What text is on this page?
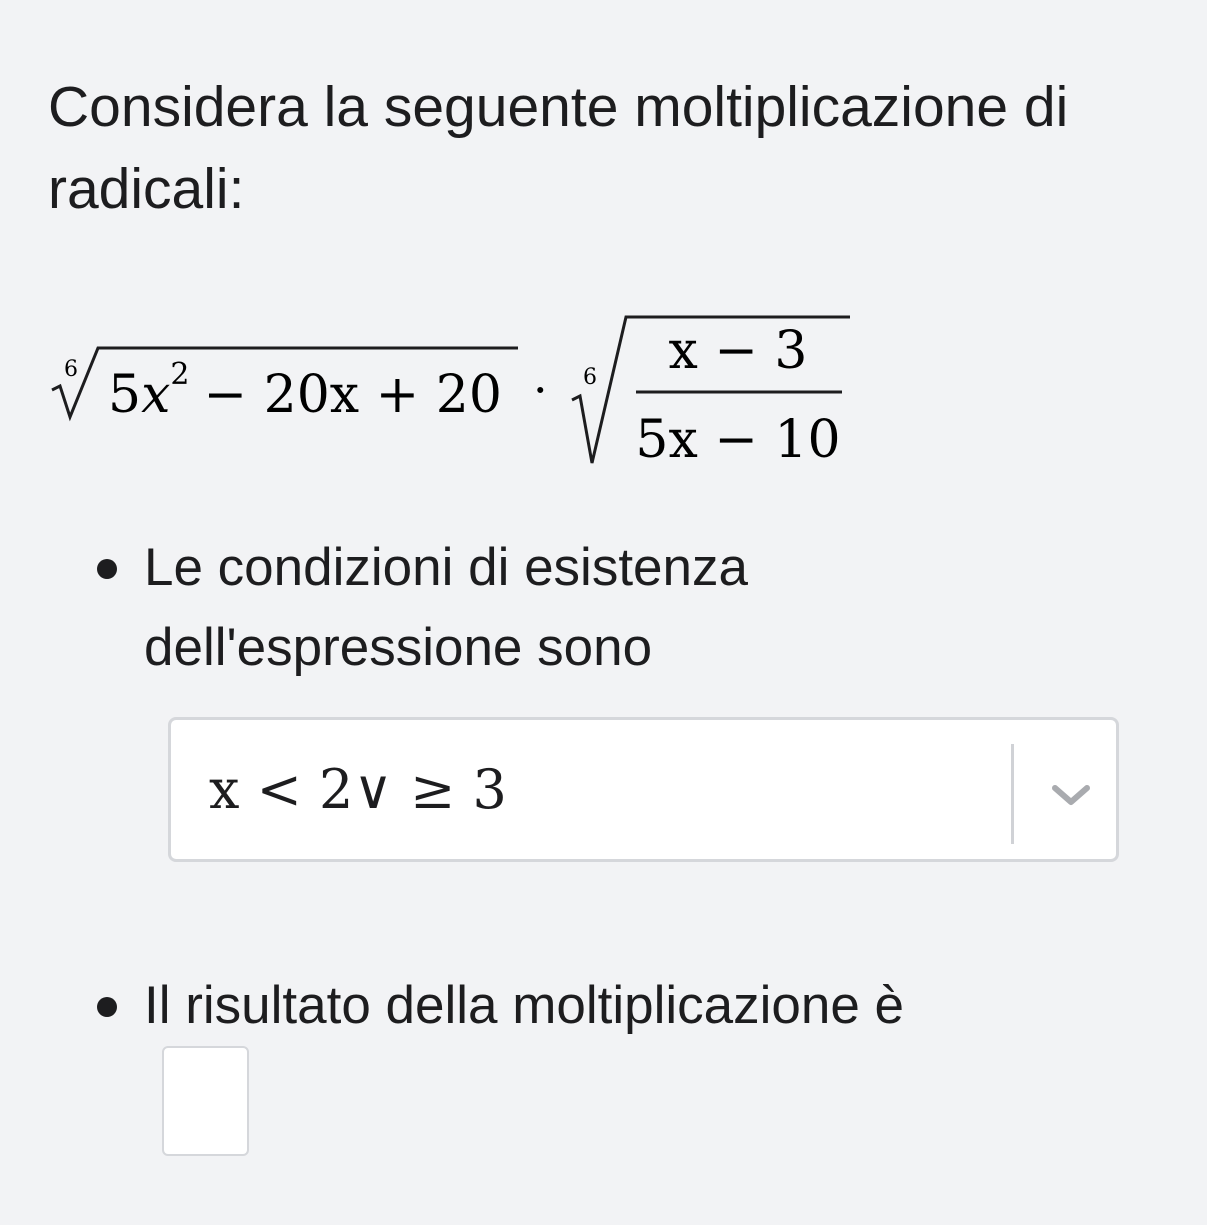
Considera la seguente moltiplicazione di radicali:

6 $5x^2 - 20x + 20 \cdot 6$ x − 3
5x − 10
Le condizioni di esistenza
dell'espressione sono
x < 2∨ ≥ 3
Il risultato della moltiplicazione è
